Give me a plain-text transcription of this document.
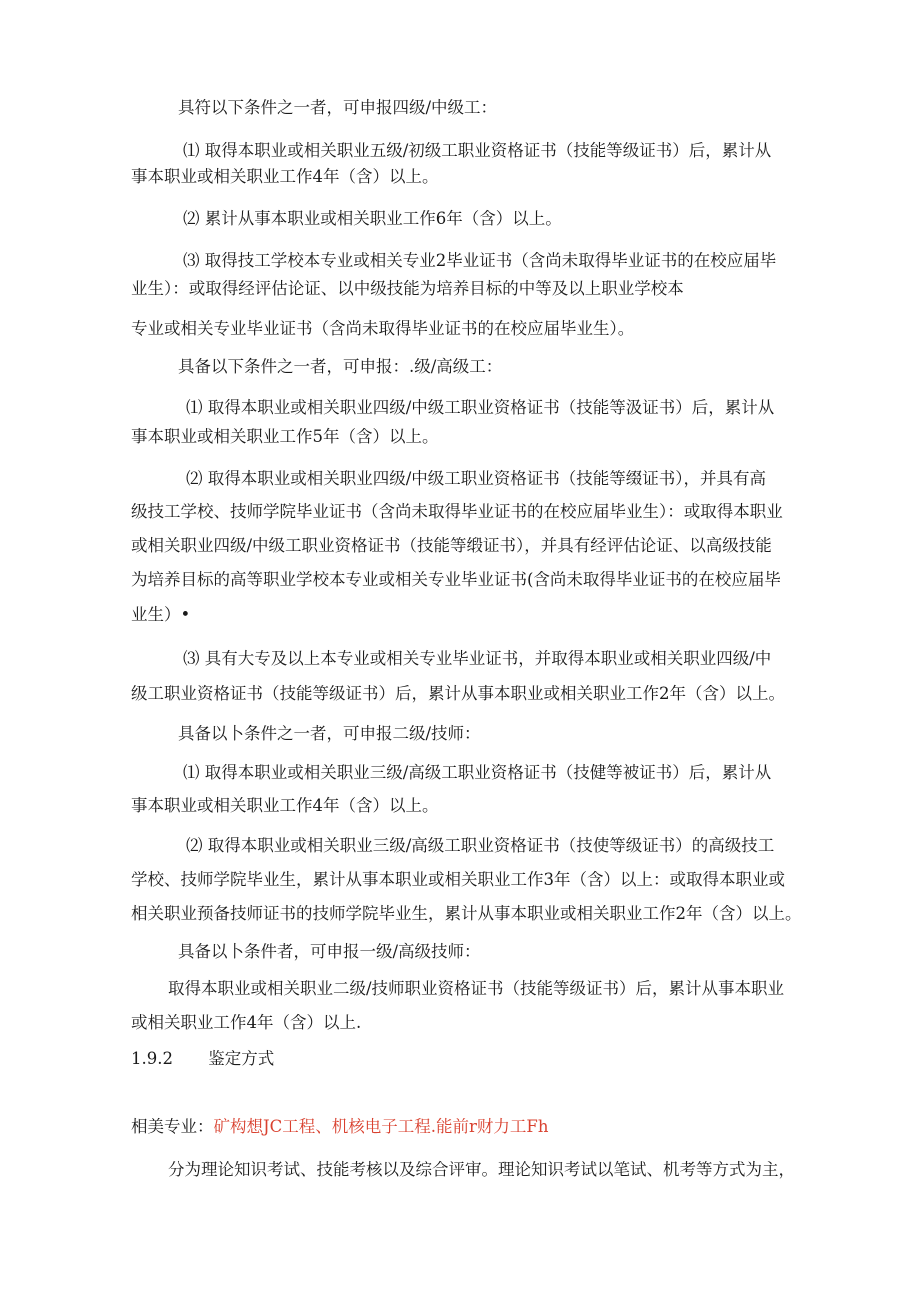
具符以下条件之一者，可申报四级/中级工：
⑴ 取得本职业或相关职业五级/初级工职业资格证书（技能等级证书）后，累计从
事本职业或相关职业工作4年（含）以上。
⑵ 累计从事本职业或相关职业工作6年（含）以上。
⑶ 取得技工学校本专业或相关专业2毕业证书（含尚未取得毕业证书的在校应届毕
业生）：或取得经评估论证、以中级技能为培养目标的中等及以上职业学校本
专业或相关专业毕业证书（含尚未取得毕业证书的在校应届毕业生）。
具备以下条件之一者，可申报：.级/高级工：
⑴ 取得本职业或相关职业四级/中级工职业资格证书（技能等汲证书）后，累计从
事本职业或相关职业工作5年（含）以上。
⑵ 取得本职业或相关职业四级/中级工职业资格证书（技能等缀证书），并具有高
级技工学校、技师学院毕业证书（含尚未取得毕业证书的在校应届毕业生）：或取得本职业
或相关职业四级/中级工职业资格证书（技能等缎证书），并具有经评估论证、以高级技能
为培养目标的高等职业学校本专业或相关专业毕业证书(含尚未取得毕业证书的在校应届毕
业生）•
⑶ 具有大专及以上本专业或相关专业毕业证书，并取得本职业或相关职业四级/中
级工职业资格证书（技能等级证书）后，累计从事本职业或相关职业工作2年（含）以上。
具备以卜条件之一者，可申报二级/技师：
⑴ 取得本职业或相关职业三级/高级工职业资格证书（技健等被证书）后，累计从
事本职业或相关职业工作4年（含）以上。
⑵ 取得本职业或相关职业三级/高级工职业资格证书（技使等级证书）的高级技工
学校、技师学院毕业生，累计从事本职业或相关职业工作3年（含）以上：或取得本职业或
相关职业预备技师证书的技师学院毕业生，累计从事本职业或相关职业工作2年（含）以上。
具备以卜条件者，可申报一级/高级技师：
取得本职业或相关职业二级/技师职业资格证书（技能等级证书）后，累计从事本职业
或相关职业工作4年（含）以上.
1.9.2 鉴定方式
相美专业：矿构想JC工程、机核电子工程.能前r财力工Fh
分为理论知识考试、技能考核以及综合评审。理论知识考试以笔试、机考等方式为主，
